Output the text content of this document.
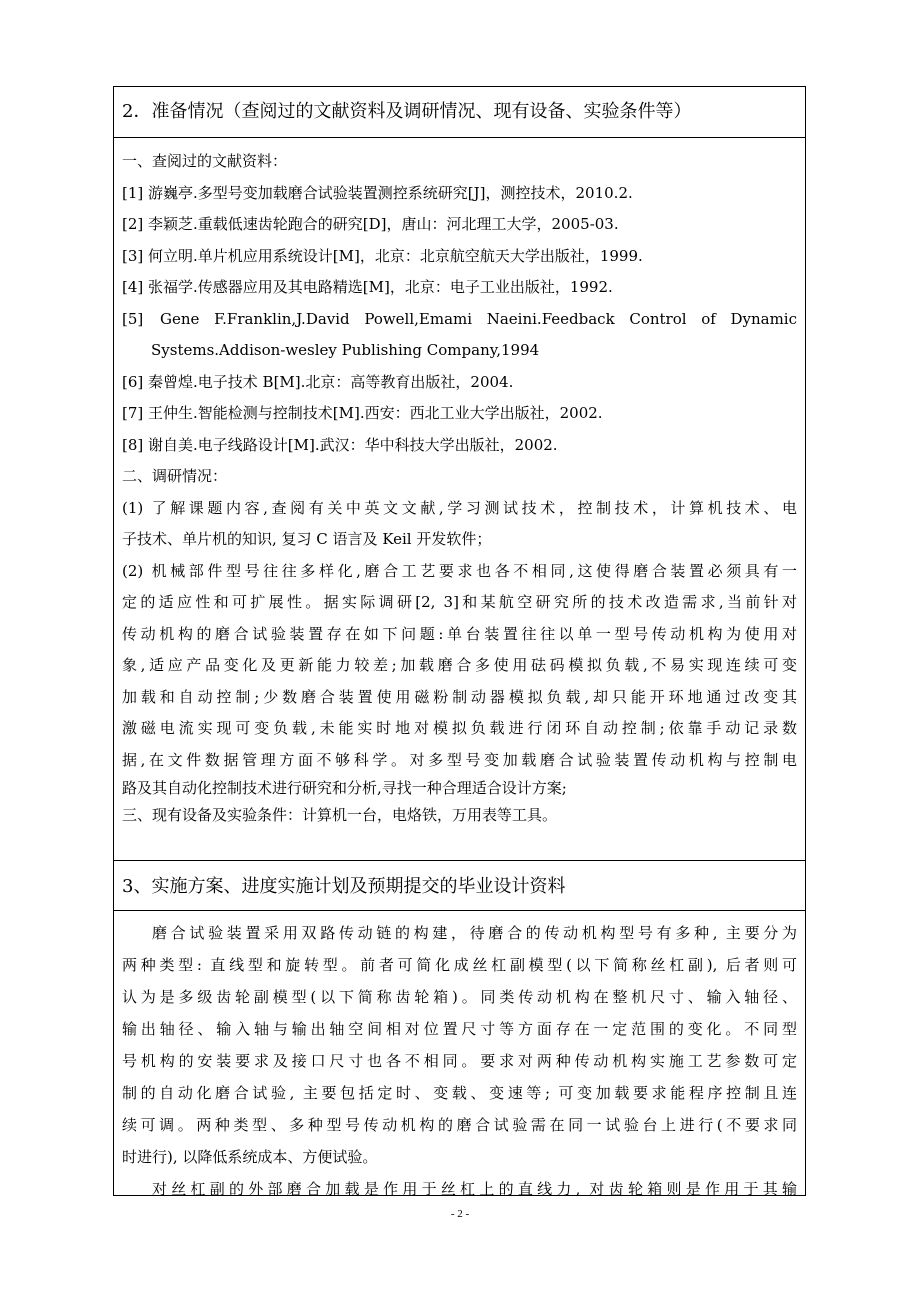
2．准备情况（查阅过的文献资料及调研情况、现有设备、实验条件等）
一、查阅过的文献资料：
[1] 游巍亭.多型号变加载磨合试验装置测控系统研究[J]，测控技术，2010.2.
[2] 李颖芝.重载低速齿轮跑合的研究[D]，唐山：河北理工大学，2005-03.
[3] 何立明.单片机应用系统设计[M]，北京：北京航空航天大学出版社，1999.
[4] 张福学.传感器应用及其电路精选[M]，北京：电子工业出版社，1992.
[5]	Gene F.Franklin,J.David Powell,Emami Naeini.Feedback Control of Dynamic
Systems.Addison-wesley Publishing Company,1994
[6] 秦曾煌.电子技术 B[M].北京：高等教育出版社，2004.
[7] 王仲生.智能检测与控制技术[M].西安：西北工业大学出版社，2002.
[8] 谢自美.电子线路设计[M].武汉：华中科技大学出版社，2002.
二、调研情况：
(1) 了解课题内容,查阅有关中英文文献,学习测试技术，控制技术，计算机技术、电
子技术、单片机的知识, 复习 C 语言及 Keil 开发软件；
(2) 机械部件型号往往多样化,磨合工艺要求也各不相同,这使得磨合装置必须具有一
定的适应性和可扩展性。据实际调研[2, 3]和某航空研究所的技术改造需求,当前针对
传动机构的磨合试验装置存在如下问题:单台装置往往以单一型号传动机构为使用对
象,适应产品变化及更新能力较差;加载磨合多使用砝码模拟负载,不易实现连续可变
加载和自动控制;少数磨合装置使用磁粉制动器模拟负载,却只能开环地通过改变其
激磁电流实现可变负载,未能实时地对模拟负载进行闭环自动控制;依靠手动记录数
据,在文件数据管理方面不够科学。对多型号变加载磨合试验装置传动机构与控制电
路及其自动化控制技术进行研究和分析,寻找一种合理适合设计方案;
三、现有设备及实验条件：计算机一台，电烙铁，万用表等工具。
3、实施方案、进度实施计划及预期提交的毕业设计资料
磨合试验装置采用双路传动链的构建，待磨合的传动机构型号有多种, 主要分为
两种类型: 直线型和旋转型。前者可简化成丝杠副模型(以下简称丝杠副), 后者则可
认为是多级齿轮副模型(以下简称齿轮箱)。同类传动机构在整机尺寸、输入轴径、
输出轴径、输入轴与输出轴空间相对位置尺寸等方面存在一定范围的变化。不同型
号机构的安装要求及接口尺寸也各不相同。要求对两种传动机构实施工艺参数可定
制的自动化磨合试验, 主要包括定时、变载、变速等; 可变加载要求能程序控制且连
续可调。两种类型、多种型号传动机构的磨合试验需在同一试验台上进行(不要求同
时进行), 以降低系统成本、方便试验。
对丝杠副的外部磨合加载是作用于丝杠上的直线力, 对齿轮箱则是作用于其输
- 2 -
